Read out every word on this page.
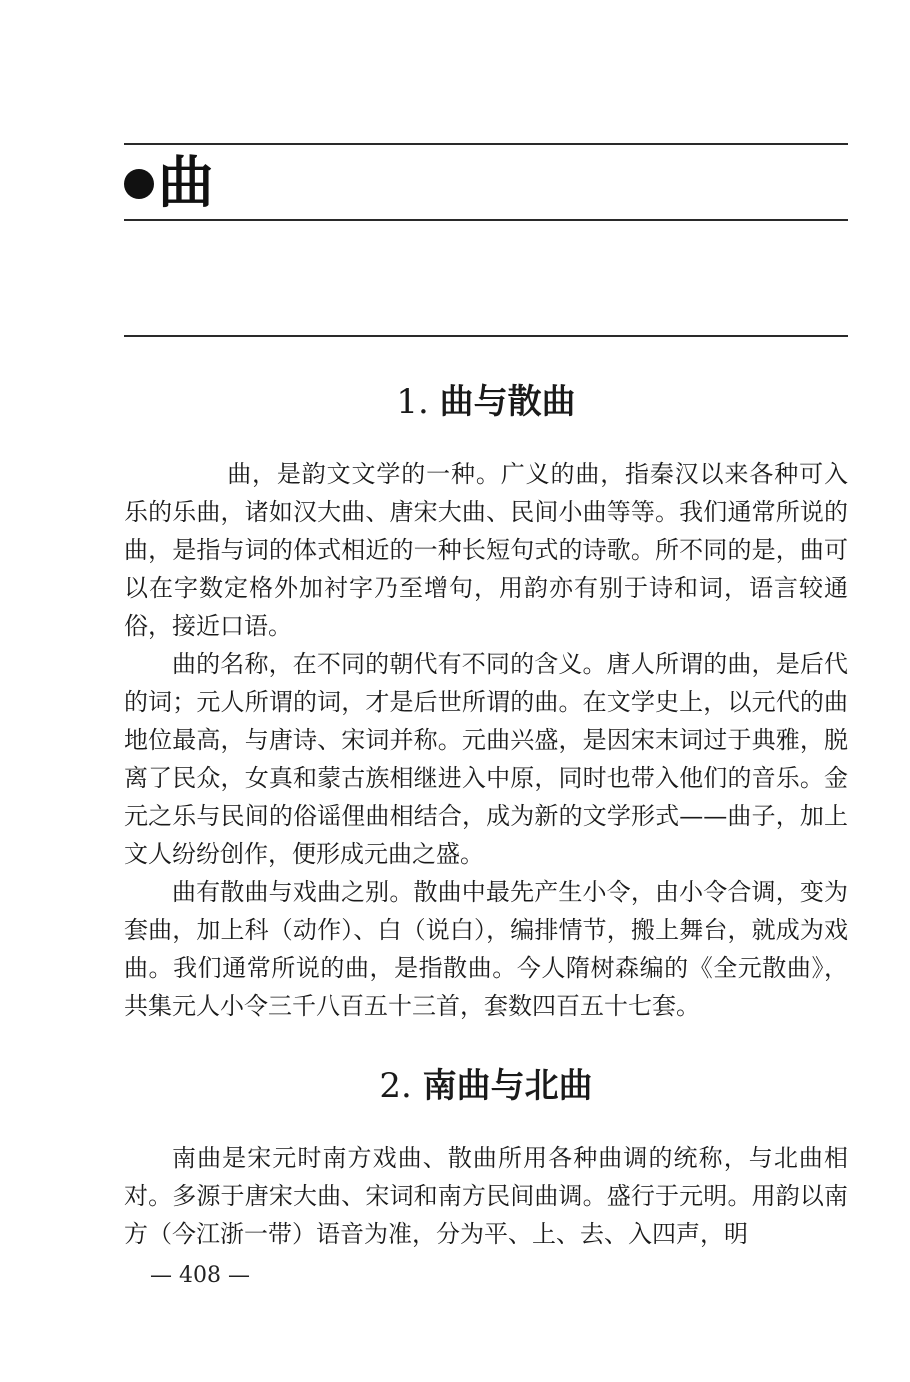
曲
1. 曲与散曲

曲，是韵文文学的一种。广义的曲，指秦汉以来各种可入乐的乐曲，诸如汉大曲、唐宋大曲、民间小曲等等。我们通常所说的曲，是指与词的体式相近的一种长短句式的诗歌。所不同的是，曲可以在字数定格外加衬字乃至增句，用韵亦有别于诗和词，语言较通俗，接近口语。

曲的名称，在不同的朝代有不同的含义。唐人所谓的曲，是后代的词；元人所谓的词，才是后世所谓的曲。在文学史上，以元代的曲地位最高，与唐诗、宋词并称。元曲兴盛，是因宋末词过于典雅，脱离了民众，女真和蒙古族相继进入中原，同时也带入他们的音乐。金元之乐与民间的俗谣俚曲相结合，成为新的文学形式——曲子，加上文人纷纷创作，便形成元曲之盛。

曲有散曲与戏曲之别。散曲中最先产生小令，由小令合调，变为套曲，加上科（动作）、白（说白），编排情节，搬上舞台，就成为戏曲。我们通常所说的曲，是指散曲。今人隋树森编的《全元散曲》，共集元人小令三千八百五十三首，套数四百五十七套。

2. 南曲与北曲

南曲是宋元时南方戏曲、散曲所用各种曲调的统称，与北曲相对。多源于唐宋大曲、宋词和南方民间曲调。盛行于元明。用韵以南方（今江浙一带）语音为准，分为平、上、去、入四声，明

— 408 —
